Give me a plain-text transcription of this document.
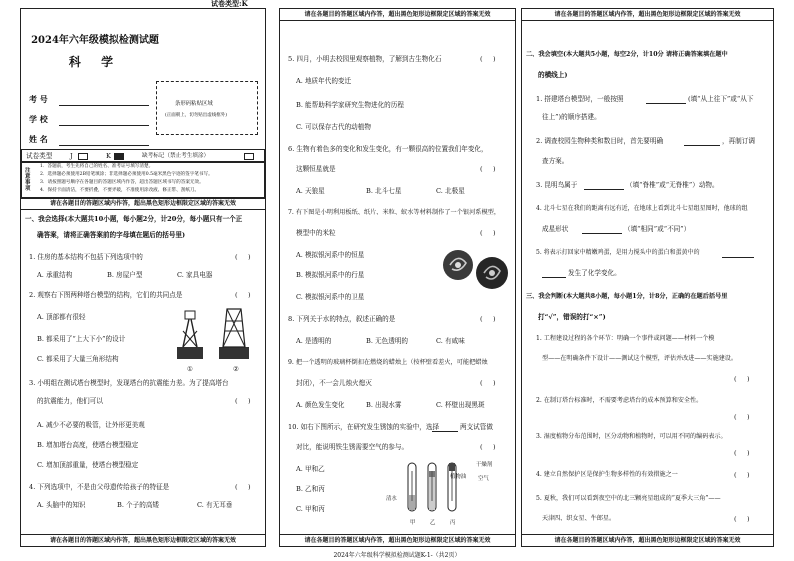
试卷类型:K
2024年六年级模拟检测试题
科 学
条形码粘贴区域
(正面朝上，切勿贴出虚线框外)
考 号
学 校
姓 名
试卷类型	J	K	缺考标记（禁止考生填涂）
注意事项
1．答题前，考生先将自己的姓名、准考证号填写清楚。
2．选择题必须使用2B铅笔填涂；非选择题必须使用0.5毫米黑色字迹的签字笔书写。
3．请按照题号顺序在各题目的答题区域内作答，超出答题区域书写的答案无效。
4．保持卡面清洁，不要折叠，不要弄破，不准使用涂改液、修正带、刮纸刀。
请在各题目的答题区域内作答，超出黑色矩形边框限定区域的答案无效
一、我会选择(本大题共10小题，每小题2分，计20分，每小题只有一个正
确答案，请将正确答案前的字母填在题后的括号里)
1. 住房的基本结构不包括下列选项中的	(     )
A. 承重结构	B. 房屋户型	C. 家具电器
2. 观察右下图两种塔台模型的结构，它们的共同点是	(     )
A. 顶部都有很轻
B. 都采用了“上大下小”的设计
C. 都采用了大量三角形结构
①	②
3. 小明组在测试塔台模型时，发现塔台的抗震能力差。为了提高塔台
的抗震能力，他们可以	(     )
A. 减少不必要的吸管，让外形更美观
B. 增加塔台高度，使塔台模型稳定
C. 增加顶部重量，使塔台模型稳定
4. 下列选项中，不是由父母遗传给孩子的特征是	(     )
A. 头脑中的知识	B. 个子的高矮	C. 有无耳垂
请在各题目的答题区域内作答，超出黑色矩形边框限定区域的答案无效
请在各题目的答题区域内作答，超出黑色矩形边框限定区域的答案无效
5. 四月，小明去校园里观察植物，了解到古生物化石	(     )
A. 地质年代的变迁
B. 能帮助科学家研究生物进化的历程
C. 可以保存古代的动植物
6. 生物有着色多的变化和发生变化，有一颗很高的位置我们年变化，
这颗恒星就是	(     )
A. 天狼星	B. 北斗七星	C. 北极星
7. 有下图是小明利用板纸、纸片、米粒、蚁水等材料制作了一个银河系模型，
模型中的米粒	(     )
A. 模拟银河系中的恒星
B. 模拟银河系中的行星
C. 模拟银河系中的卫星
8. 下列关于水的特点，叙述正确的是	(     )
A. 是透明的	B. 无色透明的	C. 有咸味
9. 把一个透明的玻璃杯倒扣在燃烧的蜡烛上（按杯壁看差火，可能把蜡烛
封闭），不一会儿烛火熄灭	(     )
A. 颜色发生变化	B. 出现水雾	C. 杯壁出现黑斑
10. 如右下图所示，在研究发生锈蚀的实验中，选择	两支试管做
对比，能说明铁生锈需要空气的参与。	(     )
A. 甲和乙
B. 乙和丙
C. 甲和丙
甲	乙	丙
干燥剂
植物油
清水
空气
请在各题目的答题区域内作答，超出黑色矩形边框限定区域的答案无效
请在各题目的答题区域内作答，超出黑色矩形边框限定区域的答案无效
二、我会填空(本大题共5小题，每空2分，计10分 请将正确答案填在题中
的横线上)
1. 搭建塔台模型时，一般按照	(填“从上往下”或“从下
往上”)的顺序搭建。
2. 调查校园生物种类和数目时，首先要明确	，再制订调
查方案。
3. 昆明鸟属于	（填“脊椎”或“无脊椎”）动物。
4. 北斗七星在我们的距离有远有近，在地球上看到北斗七星组星图时，他球的组
成星形状	（填“相同”或“不同”）
5. 将表示打回家中精嫩鸡蛋，是用力搅头中的蛋白和蛋黄中的
发生了化学变化。
三、我会判断(本大题共8小题，每小题1分，计8分，正确的在题后括号里
打“√”，错误的打“×”)
1. 工程建设过程的各个环节：明确一个事件或问题——材料一个模
型——在明确条件下设计——测试这个模型，评估并改进——实施建设。
(     )
2. 在制订塔台标准时，不需要考虑塔台的成本预算和安全性。
(     )
3. 湿度植物分布范围时，区分动物和植物时，可以用不同的编码表示。
(     )
4. 建立自然保护区是保护生物多样性的有效措施之一	(     )
5. 夏秋，我们可以看到夜空中的北三颗亮星组成的“夏季大三角”——
天津四、织女星、牛郎星。	(     )
请在各题目的答题区域内作答，超出黑色矩形边框限定区域的答案无效
2024年六年级科学模拟检测试题K-1-（共2页）
